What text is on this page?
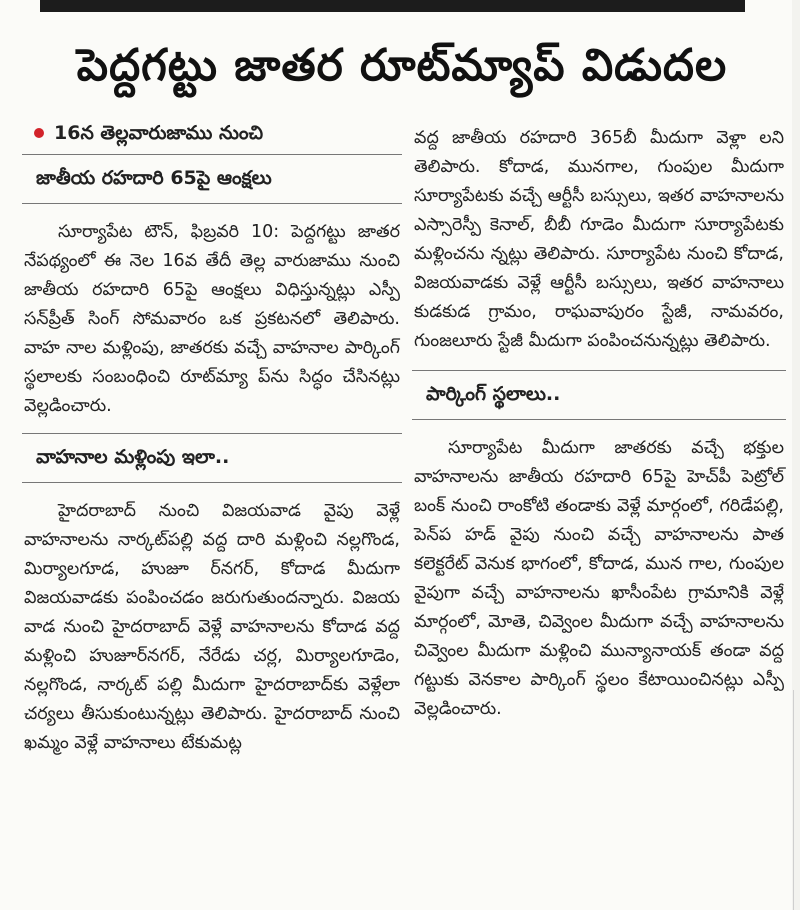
పెద్దగట్టు జాతర రూట్‌మ్యాప్‌ విడుదల
16న తెల్లవారుజాము నుంచి
జాతీయ రహదారి 65పై ఆంక్షలు

సూర్యాపేట టౌన్‌, ఫిబ్రవరి 10: పెద్దగట్టు జాతర నేపథ్యంలో ఈ నెల 16వ తేదీ తెల్ల వారుజాము నుంచి జాతీయ రహదారి 65పై ఆంక్షలు విధిస్తున్నట్లు ఎస్పీ సన్‌ప్రీత్‌ సింగ్‌ సోమవారం ఒక ప్రకటనలో తెలిపారు. వాహ నాల మళ్లింపు, జాతరకు వచ్చే వాహనాల పార్కింగ్‌ స్థలాలకు సంబంధించి రూట్‌మ్యా ప్‌ను సిద్ధం చేసినట్లు వెల్లడించారు.

వాహనాల మళ్లింపు ఇలా..

హైదరాబాద్‌ నుంచి విజయవాడ వైపు వెళ్లే వాహనాలను నార్కట్‌పల్లి వద్ద దారి మళ్లించి నల్లగొండ, మిర్యాలగూడ, హుజూ ర్‌నగర్‌, కోదాడ మీదుగా విజయవాడకు పంపించడం జరుగుతుందన్నారు. విజయ వాడ నుంచి హైదరాబాద్‌ వెళ్లే వాహనాలను కోదాడ వద్ద మళ్లించి హుజూర్‌నగర్‌, నేరేడు చర్ల, మిర్యాలగూడెం, నల్లగొండ, నార్కట్‌ పల్లి మీదుగా హైదరాబాద్‌కు వెళ్లేలా చర్యలు తీసుకుంటున్నట్లు తెలిపారు. హైదరాబాద్‌ నుంచి ఖమ్మం వెళ్లే వాహనాలు టేకుమట్ల

వద్ద జాతీయ రహదారి 365బీ మీదుగా వెళ్లా లని తెలిపారు. కోదాడ, మునగాల, గుంపుల మీదుగా సూర్యాపేటకు వచ్చే ఆర్టీసీ బస్సులు, ఇతర వాహనాలను ఎస్సారెస్పీ కెనాల్‌, బీబీ గూడెం మీదుగా సూర్యాపేటకు మళ్లించను న్నట్లు తెలిపారు. సూర్యాపేట నుంచి కోదాడ, విజయవాడకు వెళ్లే ఆర్టీసీ బస్సులు, ఇతర వాహనాలు కుడకుడ గ్రామం, రాఘవాపురం స్టేజీ, నామవరం, గుంజలూరు స్టేజీ మీదుగా పంపించనున్నట్లు తెలిపారు.

పార్కింగ్‌ స్థలాలు..

సూర్యాపేట మీదుగా జాతరకు వచ్చే భక్తుల వాహనాలను జాతీయ రహదారి 65పై హెచ్‌పీ పెట్రోల్‌ బంక్‌ నుంచి రాంకోటి తండాకు వెళ్లే మార్గంలో, గరిడేపల్లి, పెన్‌ప హడ్‌ వైపు నుంచి వచ్చే వాహనాలను పాత కలెక్టరేట్‌ వెనుక భాగంలో, కోదాడ, మున గాల, గుంపుల వైపుగా వచ్చే వాహనాలను ఖాసీంపేట గ్రామానికి వెళ్లే మార్గంలో, మోతె, చివ్వెంల మీదుగా వచ్చే వాహనాలను చివ్వెంల మీదుగా మళ్లించి మున్యానాయక్‌ తండా వద్ద గట్టుకు వెనకాల పార్కింగ్‌ స్థలం కేటాయించినట్లు ఎస్పీ వెల్లడించారు.
